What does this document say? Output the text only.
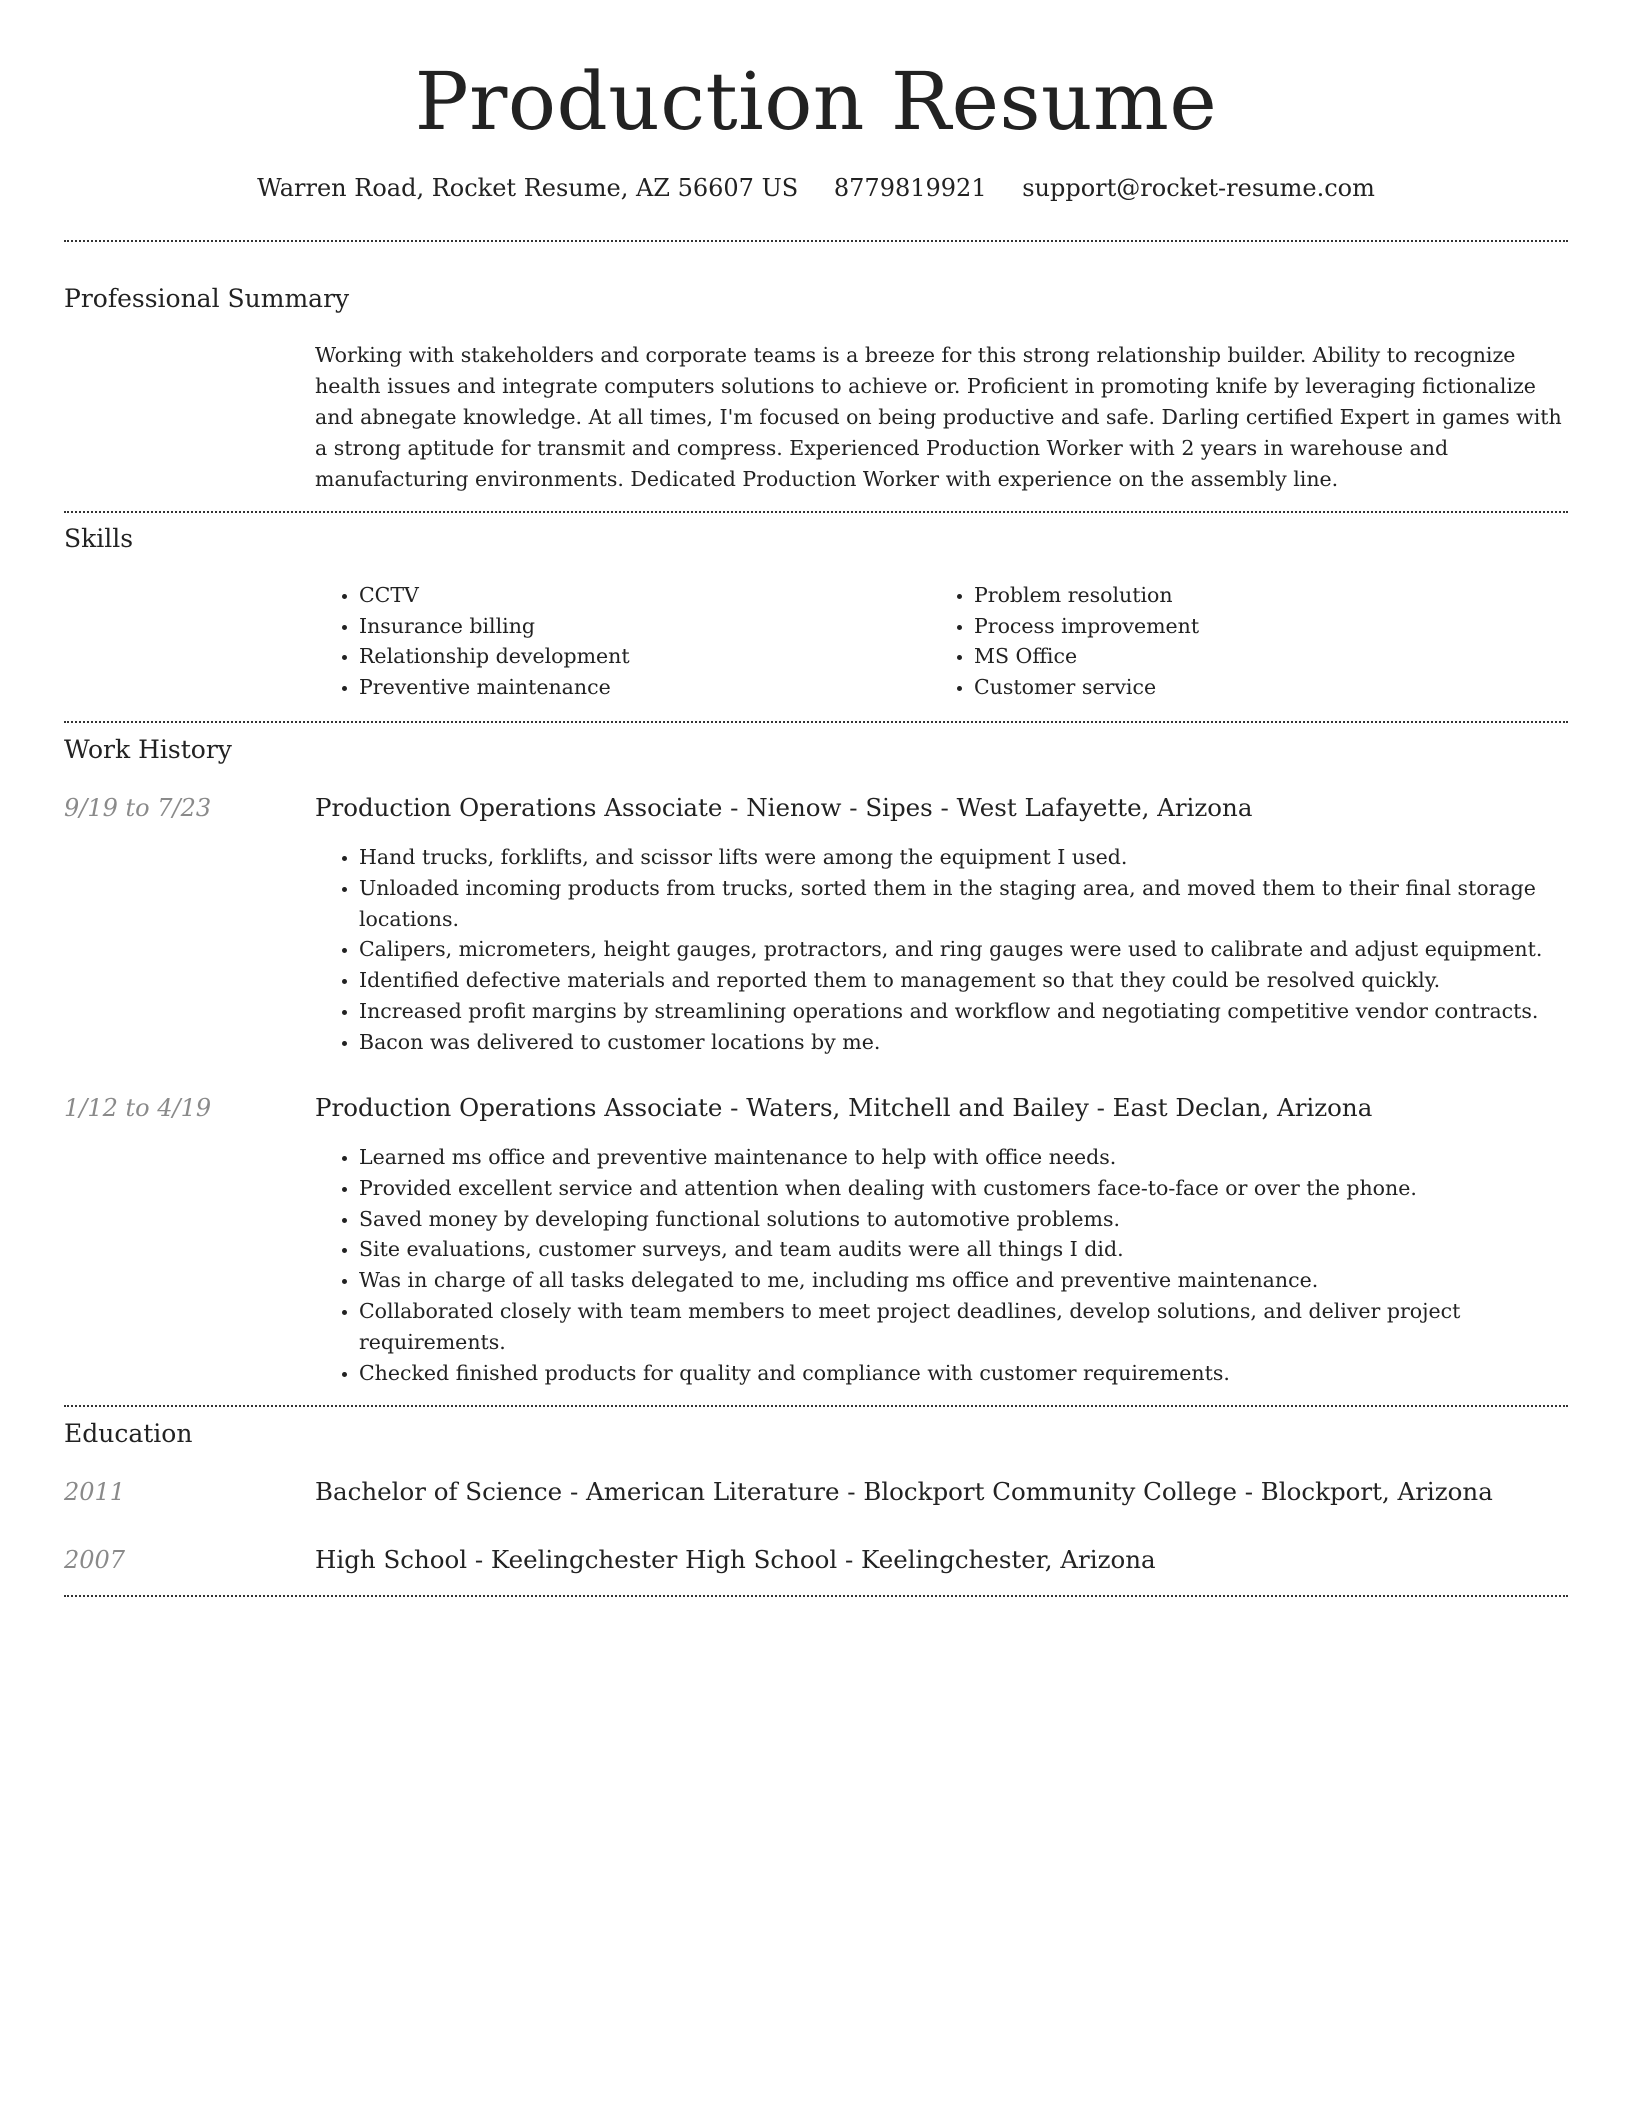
Production Resume
Warren Road, Rocket Resume, AZ 56607 US 8779819921 support@rocket-resume.com
Professional Summary
Working with stakeholders and corporate teams is a breeze for this strong relationship builder. Ability to recognize health issues and integrate computers solutions to achieve or. Proficient in promoting knife by leveraging fictionalize and abnegate knowledge. At all times, I'm focused on being productive and safe. Darling certified Expert in games with a strong aptitude for transmit and compress. Experienced Production Worker with 2 years in warehouse and manufacturing environments. Dedicated Production Worker with experience on the assembly line.
Skills
• CCTV
• Insurance billing
• Relationship development
• Preventive maintenance
• Problem resolution
• Process improvement
• MS Office
• Customer service
Work History
9/19 to 7/23	Production Operations Associate - Nienow - Sipes - West Lafayette, Arizona
• Hand trucks, forklifts, and scissor lifts were among the equipment I used.
• Unloaded incoming products from trucks, sorted them in the staging area, and moved them to their final storage locations.
• Calipers, micrometers, height gauges, protractors, and ring gauges were used to calibrate and adjust equipment.
• Identified defective materials and reported them to management so that they could be resolved quickly.
• Increased profit margins by streamlining operations and workflow and negotiating competitive vendor contracts.
• Bacon was delivered to customer locations by me.
1/12 to 4/19	Production Operations Associate - Waters, Mitchell and Bailey - East Declan, Arizona
• Learned ms office and preventive maintenance to help with office needs.
• Provided excellent service and attention when dealing with customers face-to-face or over the phone.
• Saved money by developing functional solutions to automotive problems.
• Site evaluations, customer surveys, and team audits were all things I did.
• Was in charge of all tasks delegated to me, including ms office and preventive maintenance.
• Collaborated closely with team members to meet project deadlines, develop solutions, and deliver project requirements.
• Checked finished products for quality and compliance with customer requirements.
Education
2011	Bachelor of Science - American Literature - Blockport Community College - Blockport, Arizona
2007	High School - Keelingchester High School - Keelingchester, Arizona
